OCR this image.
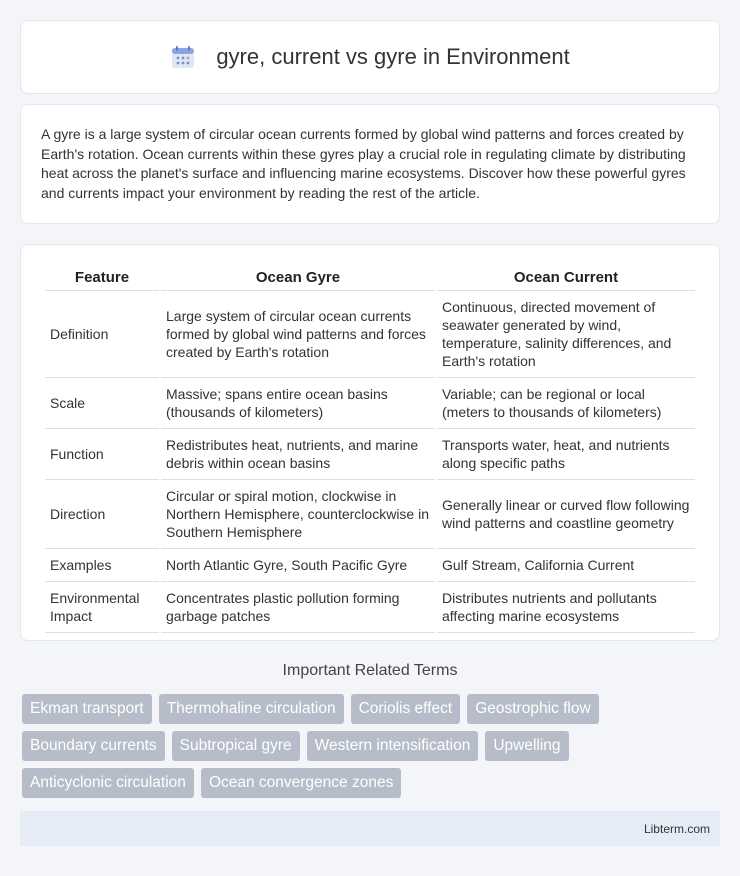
gyre, current vs gyre in Environment

A gyre is a large system of circular ocean currents formed by global wind patterns and forces created by Earth's rotation. Ocean currents within these gyres play a crucial role in regulating climate by distributing heat across the planet's surface and influencing marine ecosystems. Discover how these powerful gyres and currents impact your environment by reading the rest of the article.

Feature	Ocean Gyre	Ocean Current
Definition	Large system of circular ocean currents formed by global wind patterns and forces created by Earth's rotation	Continuous, directed movement of seawater generated by wind, temperature, salinity differences, and Earth's rotation
Scale	Massive; spans entire ocean basins (thousands of kilometers)	Variable; can be regional or local (meters to thousands of kilometers)
Function	Redistributes heat, nutrients, and marine debris within ocean basins	Transports water, heat, and nutrients along specific paths
Direction	Circular or spiral motion, clockwise in Northern Hemisphere, counterclockwise in Southern Hemisphere	Generally linear or curved flow following wind patterns and coastline geometry
Examples	North Atlantic Gyre, South Pacific Gyre	Gulf Stream, California Current
Environmental Impact	Concentrates plastic pollution forming garbage patches	Distributes nutrients and pollutants affecting marine ecosystems
Important Related Terms
Ekman transport	Thermohaline circulation	Coriolis effect	Geostrophic flow
Boundary currents	Subtropical gyre	Western intensification	Upwelling
Anticyclonic circulation	Ocean convergence zones
Libterm.com
